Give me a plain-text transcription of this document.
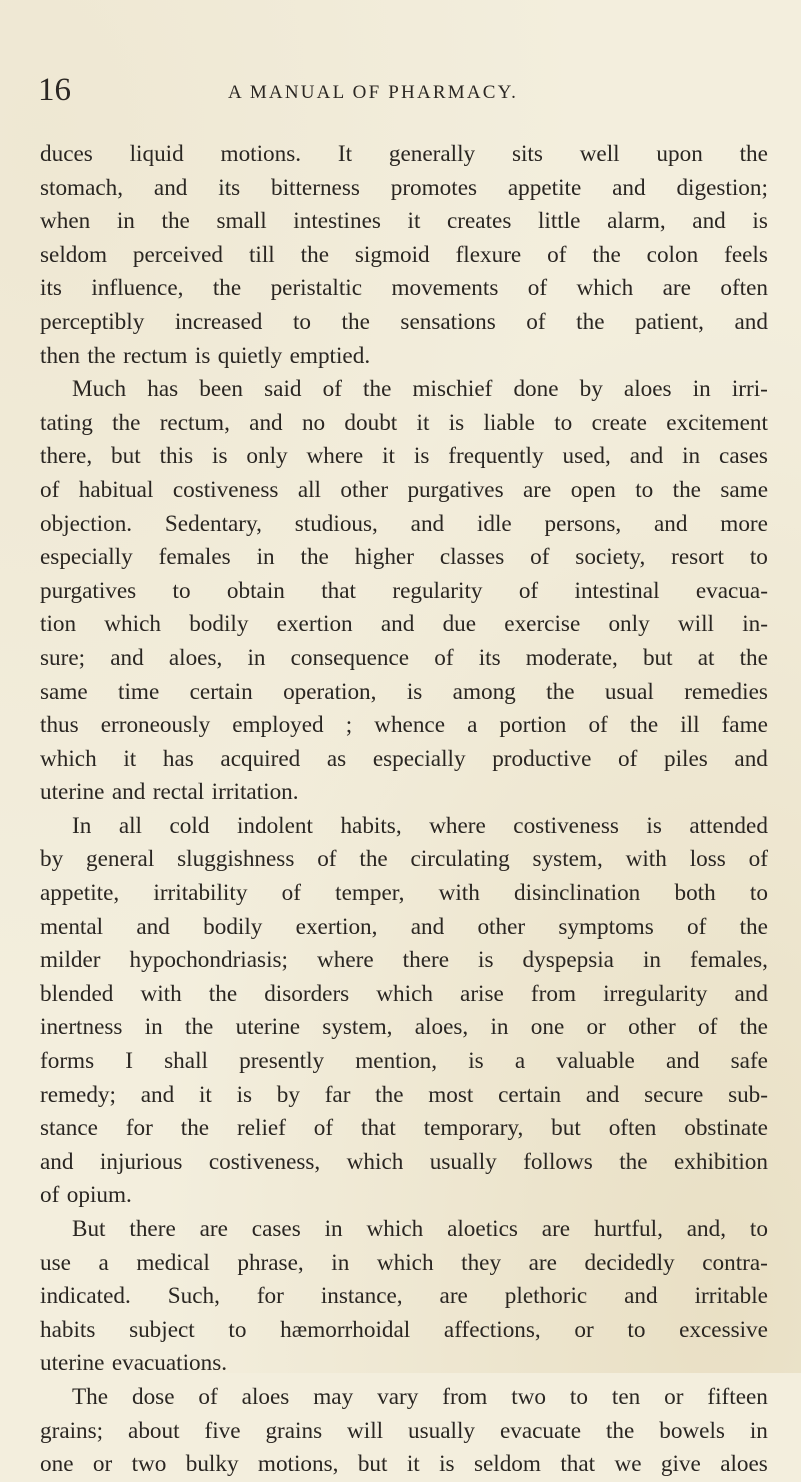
16	A MANUAL OF PHARMACY.
duces liquid motions. It generally sits well upon the
stomach, and its bitterness promotes appetite and digestion;
when in the small intestines it creates little alarm, and is
seldom perceived till the sigmoid flexure of the colon feels
its influence, the peristaltic movements of which are often
perceptibly increased to the sensations of the patient, and
then the rectum is quietly emptied.
Much has been said of the mischief done by aloes in irri-
tating the rectum, and no doubt it is liable to create excitement
there, but this is only where it is frequently used, and in cases
of habitual costiveness all other purgatives are open to the same
objection. Sedentary, studious, and idle persons, and more
especially females in the higher classes of society, resort to
purgatives to obtain that regularity of intestinal evacua-
tion which bodily exertion and due exercise only will in-
sure; and aloes, in consequence of its moderate, but at the
same time certain operation, is among the usual remedies
thus erroneously employed ; whence a portion of the ill fame
which it has acquired as especially productive of piles and
uterine and rectal irritation.
In all cold indolent habits, where costiveness is attended
by general sluggishness of the circulating system, with loss of
appetite, irritability of temper, with disinclination both to
mental and bodily exertion, and other symptoms of the
milder hypochondriasis; where there is dyspepsia in females,
blended with the disorders which arise from irregularity and
inertness in the uterine system, aloes, in one or other of the
forms I shall presently mention, is a valuable and safe
remedy; and it is by far the most certain and secure sub-
stance for the relief of that temporary, but often obstinate
and injurious costiveness, which usually follows the exhibition
of opium.
But there are cases in which aloetics are hurtful, and, to
use a medical phrase, in which they are decidedly contra-
indicated. Such, for instance, are plethoric and irritable
habits subject to hæmorrhoidal affections, or to excessive
uterine evacuations.
The dose of aloes may vary from two to ten or fifteen
grains; about five grains will usually evacuate the bowels in
one or two bulky motions, but it is seldom that we give aloes
